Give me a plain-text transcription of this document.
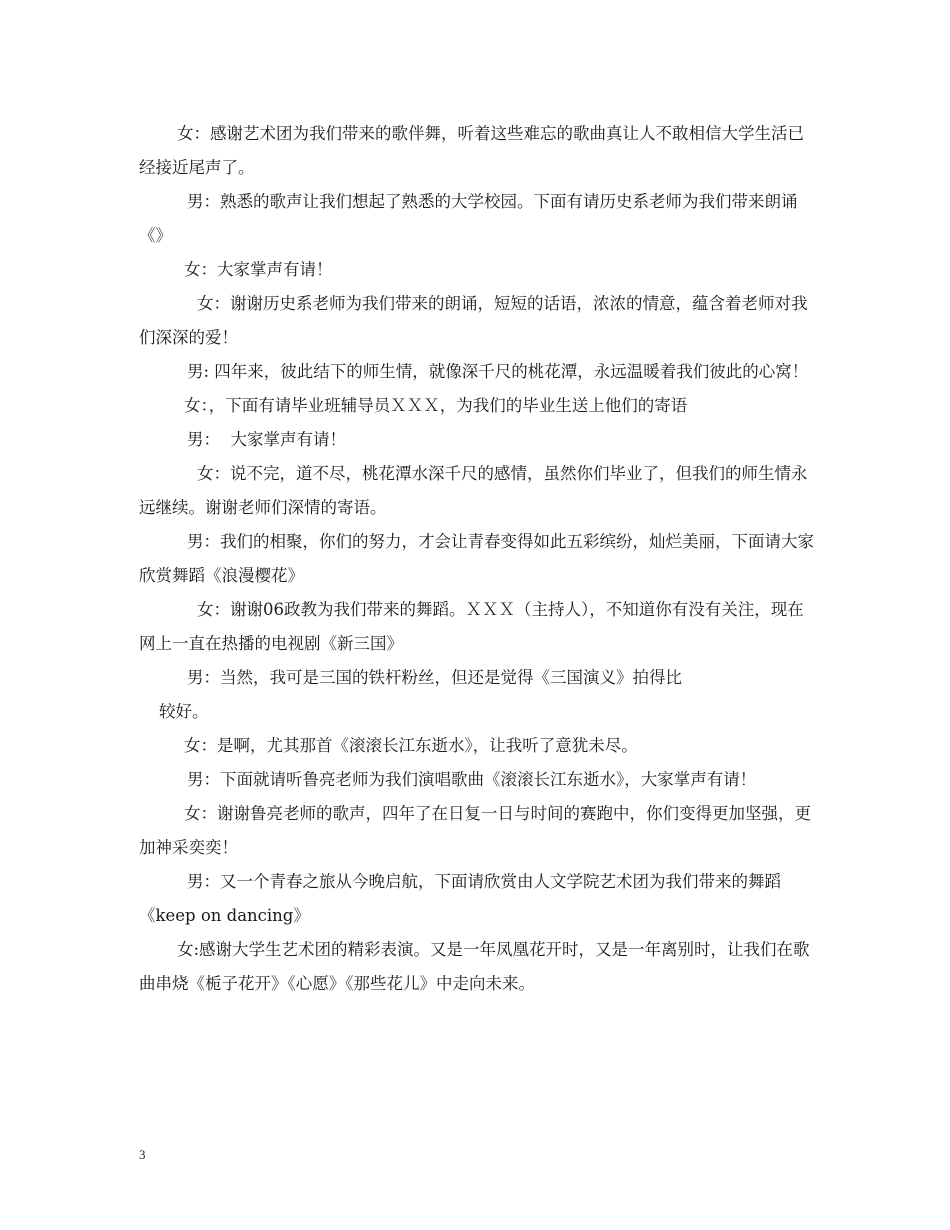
女：感谢艺术团为我们带来的歌伴舞，听着这些难忘的歌曲真让人不敢相信大学生活已经接近尾声了。

男：熟悉的歌声让我们想起了熟悉的大学校园。下面有请历史系老师为我们带来朗诵《》

女：大家掌声有请！

女：谢谢历史系老师为我们带来的朗诵，短短的话语，浓浓的情意，蕴含着老师对我们深深的爱！

男: 四年来，彼此结下的师生情，就像深千尺的桃花潭，永远温暖着我们彼此的心窝！

女：，下面有请毕业班辅导员ＸＸＸ，为我们的毕业生送上他们的寄语

男：  大家掌声有请！

女：说不完，道不尽，桃花潭水深千尺的感情，虽然你们毕业了，但我们的师生情永远继续。谢谢老师们深情的寄语。

男：我们的相聚，你们的努力，才会让青春变得如此五彩缤纷，灿烂美丽，下面请大家欣赏舞蹈《浪漫樱花》

女：谢谢06政教为我们带来的舞蹈。ＸＸＸ（主持人），不知道你有没有关注，现在网上一直在热播的电视剧《新三国》

男：当然，我可是三国的铁杆粉丝，但还是觉得《三国演义》拍得比

较好。

女：是啊，尤其那首《滚滚长江东逝水》，让我听了意犹未尽。

男：下面就请听鲁亮老师为我们演唱歌曲《滚滚长江东逝水》，大家掌声有请！

女：谢谢鲁亮老师的歌声，四年了在日复一日与时间的赛跑中，你们变得更加坚强，更加神采奕奕！

男：又一个青春之旅从今晚启航，下面请欣赏由人文学院艺术团为我们带来的舞蹈《keep on dancing》

女:感谢大学生艺术团的精彩表演。又是一年凤凰花开时，又是一年离别时，让我们在歌曲串烧《栀子花开》《心愿》《那些花儿》中走向未来。

3
